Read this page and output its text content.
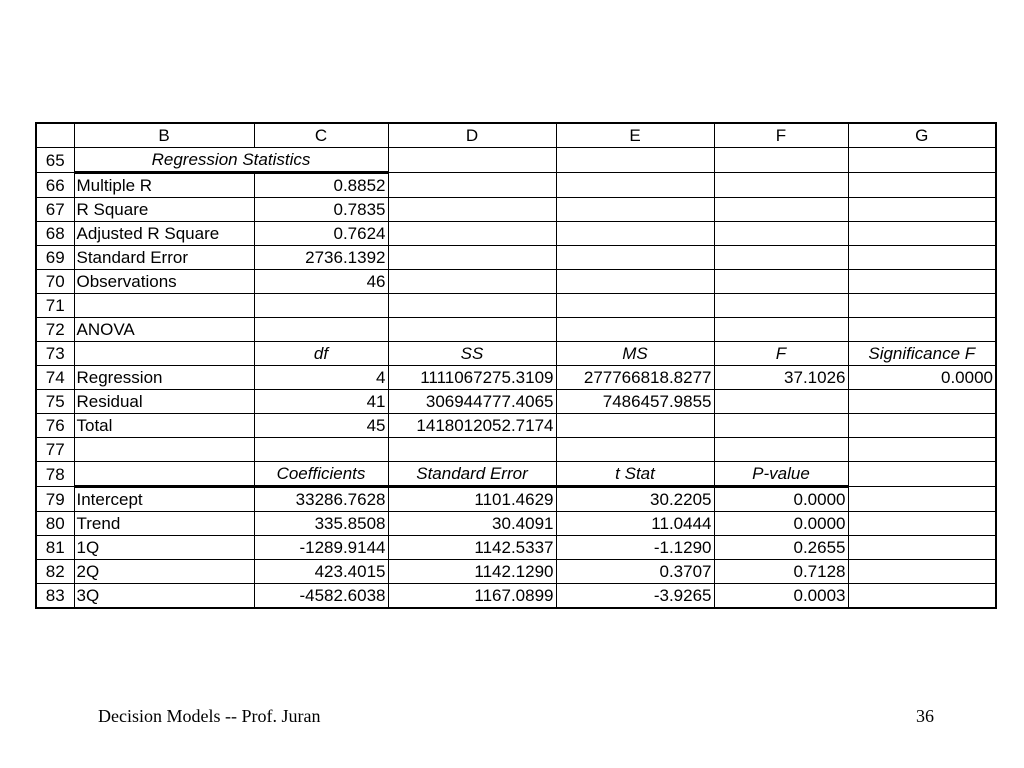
	B	C	D	E	F	G
65	Regression Statistics					
66	Multiple R	0.8852				
67	R Square	0.7835				
68	Adjusted R Square	0.7624				
69	Standard Error	2736.1392				
70	Observations	46				
71						
72	ANOVA					
73		df	SS	MS	F	Significance F
74	Regression	4	1111067275.3109	277766818.8277	37.1026	0.0000
75	Residual	41	306944777.4065	7486457.9855		
76	Total	45	1418012052.7174			
77						
78		Coefficients	Standard Error	t Stat	P-value	
79	Intercept	33286.7628	1101.4629	30.2205	0.0000	
80	Trend	335.8508	30.4091	11.0444	0.0000	
81	1Q	-1289.9144	1142.5337	-1.1290	0.2655	
82	2Q	423.4015	1142.1290	0.3707	0.7128	
83	3Q	-4582.6038	1167.0899	-3.9265	0.0003	
Decision Models -- Prof. Juran	36
